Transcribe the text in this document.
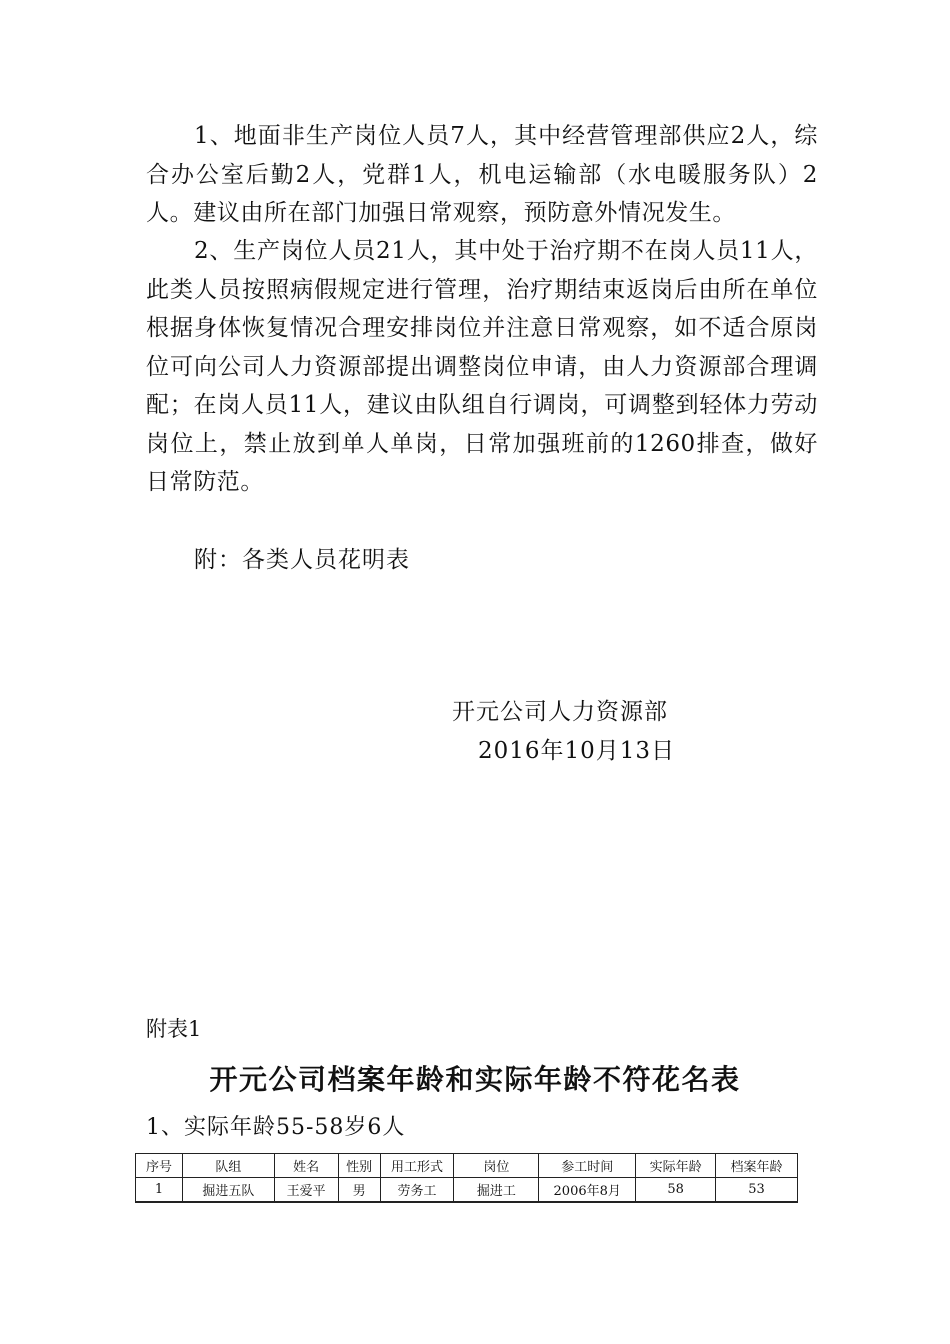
1、地面非生产岗位人员7人，其中经营管理部供应2人，综合办公室后勤2人，党群1人，机电运输部（水电暖服务队）2人。建议由所在部门加强日常观察，预防意外情况发生。

2、生产岗位人员21人，其中处于治疗期不在岗人员11人，此类人员按照病假规定进行管理，治疗期结束返岗后由所在单位根据身体恢复情况合理安排岗位并注意日常观察，如不适合原岗位可向公司人力资源部提出调整岗位申请，由人力资源部合理调配；在岗人员11人，建议由队组自行调岗，可调整到轻体力劳动岗位上，禁止放到单人单岗，日常加强班前的1260排查，做好日常防范。

附：各类人员花明表

开元公司人力资源部

2016年10月13日

附表1

开元公司档案年龄和实际年龄不符花名表

1、实际年龄55-58岁6人

序号	队组	姓名	性别	用工形式	岗位	参工时间	实际年龄	档案年龄
1	掘进五队	王爱平	男	劳务工	掘进工	2006年8月	58	53
